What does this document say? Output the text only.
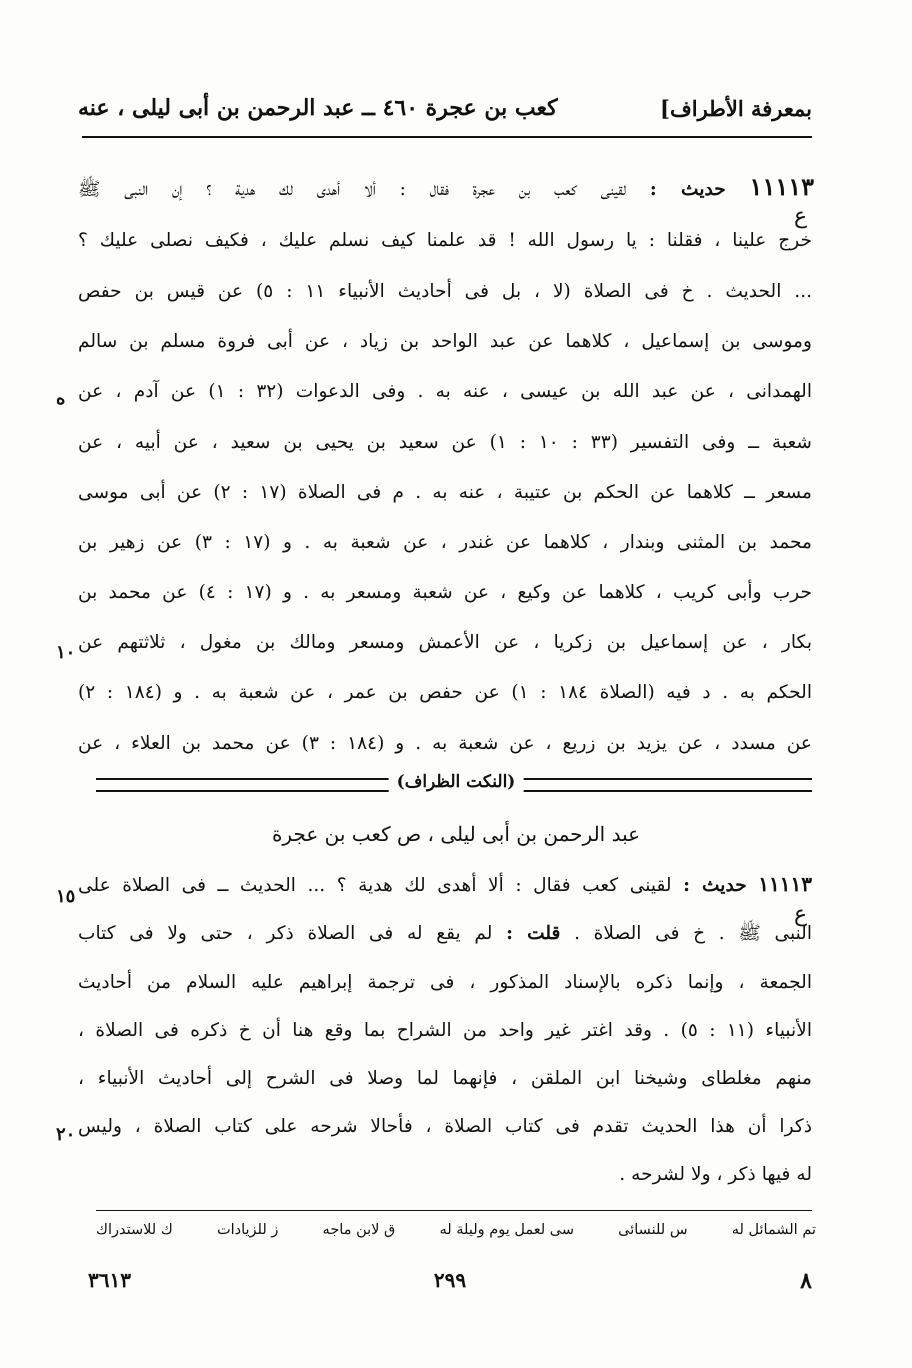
بمعرفة الأطراف]
كعب بن عجرة ٤٦٠ ــ عبد الرحمن بن أبى ليلى ، عنه
١١١١٣ حديث : لقينى كعب بن عجرة فقال : ألا أهدى لك هدية ؟ إن النبى ﷺ
ع
خرج علينا ، فقلنا : يا رسول الله ! قد علمنا كيف نسلم عليك ، فكيف نصلى عليك ؟
... الحديث . خ فى الصلاة (لا ، بل فى أحاديث الأنبياء ١١ : ٥) عن قيس بن حفص
وموسى بن إسماعيل ، كلاهما عن عبد الواحد بن زياد ، عن أبى فروة مسلم بن سالم
الهمدانى ، عن عبد الله بن عيسى ، عنه به . وفى الدعوات (٣٢ : ١) عن آدم ، عن
ه
شعبة ــ وفى التفسير (٣٣ : ١٠ : ١) عن سعيد بن يحيى بن سعيد ، عن أبيه ، عن
مسعر ــ كلاهما عن الحكم بن عتيبة ، عنه به . م فى الصلاة (١٧ : ٢) عن أبى موسى
محمد بن المثنى وبندار ، كلاهما عن غندر ، عن شعبة به . و (١٧ : ٣) عن زهير بن
حرب وأبى كريب ، كلاهما عن وكيع ، عن شعبة ومسعر به . و (١٧ : ٤) عن محمد بن
بكار ، عن إسماعيل بن زكريا ، عن الأعمش ومسعر ومالك بن مغول ، ثلاثتهم عن
١٠
الحكم به . د فيه (الصلاة ١٨٤ : ١) عن حفص بن عمر ، عن شعبة به . و (١٨٤ : ٢)
عن مسدد ، عن يزيد بن زريع ، عن شعبة به . و (١٨٤ : ٣) عن محمد بن العلاء ، عن
(النكت الظراف)
عبد الرحمن بن أبى ليلى ، ص كعب بن عجرة
١١١١٣ حديث : لقينى كعب فقال : ألا أهدى لك هدية ؟ ... الحديث ــ فى الصلاة على
١٥
ع
النبى ﷺ . خ فى الصلاة . قلت : لم يقع له فى الصلاة ذكر ، حتى ولا فى كتاب
الجمعة ، وإنما ذكره بالإسناد المذكور ، فى ترجمة إبراهيم عليه السلام من أحاديث
الأنبياء (١١ : ٥) . وقد اغتر غير واحد من الشراح بما وقع هنا أن خ ذكره فى الصلاة ،
منهم مغلطاى وشيخنا ابن الملقن ، فإنهما لما وصلا فى الشرح إلى أحاديث الأنبياء ،
ذكرا أن هذا الحديث تقدم فى كتاب الصلاة ، فأحالا شرحه على كتاب الصلاة ، وليس
٢٠
له فيها ذكر ، ولا لشرحه .
تم الشمائل له
س للنسائى
سى لعمل يوم وليلة له
ق لابن ماجه
ز للزيادات
ك للاستدراك
٣٦١٣	٢٩٩	٨
